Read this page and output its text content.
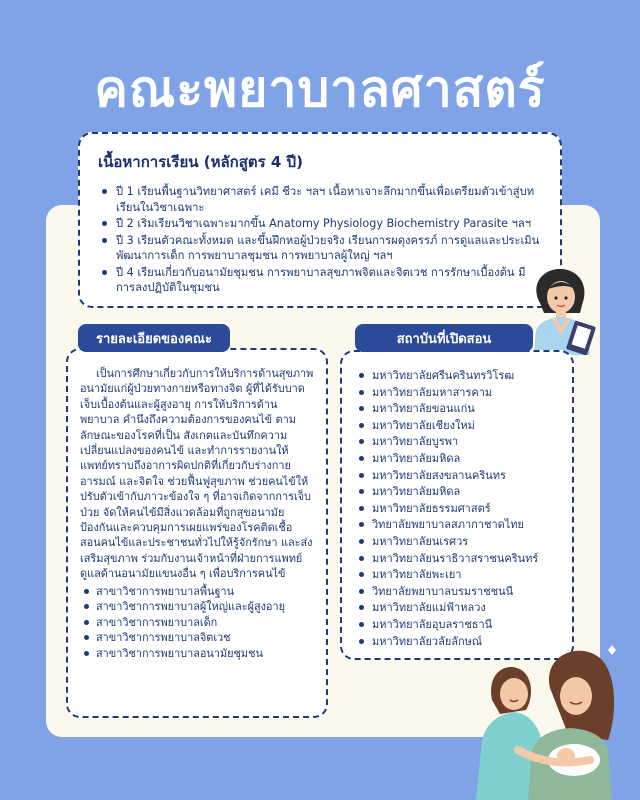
คณะพยาบาลศาสตร์
เนื้อหาการเรียน (หลักสูตร 4 ปี)
ปี 1 เรียนพื้นฐานวิทยาศาสตร์ เคมี ชีวะ ฯลฯ เนื้อหาเจาะลึกมากขึ้นเพื่อเตรียมตัวเข้าสู่บทเรียนในวิชาเฉพาะ
ปี 2 เริ่มเรียนวิชาเฉพาะมากขึ้น Anatomy Physiology Biochemistry Parasite ฯลฯ
ปี 3 เรียนตัวคณะทั้งหมด และขึ้นฝึกหอผู้ป่วยจริง เรียนการผดุงครรภ์ การดูแลและประเมินพัฒนาการเด็ก การพยาบาลชุมชน การพยาบาลผู้ใหญ่ ฯลฯ
ปี 4 เรียนเกี่ยวกับอนามัยชุมชน การพยาบาลสุขภาพจิตและจิตเวช การรักษาเบื้องต้น มีการลงปฏิบัติในชุมชน

เป็นการศึกษาเกี่ยวกับการให้บริการด้านสุขภาพอนามัยแก่ผู้ป่วยทางกายหรือทางจิต ผู้ที่ได้รับบาดเจ็บเบื้องต้นและผู้สูงอายุ การให้บริการด้านพยาบาล คำนึงถึงความต้องการของคนไข้ ตามลักษณะของโรคที่เป็น สังเกตและบันทึกความเปลี่ยนแปลงของคนไข้ และทำการรายงานให้แพทย์ทราบถึงอาการผิดปกติที่เกี่ยวกับร่างกาย อารมณ์ และจิตใจ ช่วยฟื้นฟูสุขภาพ ช่วยคนไข้ให้ปรับตัวเข้ากับภาวะข้องใจ ๆ ที่อาจเกิดจากการเจ็บป่วย จัดให้คนไข้มีสิ่งแวดล้อมที่ถูกสุขอนามัย ป้องกันและควบคุมการเผยแพร่ของโรคติดเชื้อ สอนคนไข้และประชาชนทั่วไปให้รู้จักรักษา และส่งเสริมสุขภาพ ร่วมกับงานเจ้าหน้าที่ฝ่ายการแพทย์ ดูแลด้านอนามัยแขนงอื่น ๆ เพื่อบริการคนไข้

สาขาวิชาการพยาบาลพื้นฐาน
สาขาวิชาการพยาบาลผู้ใหญ่และผู้สูงอายุ
สาขาวิชาการพยาบาลเด็ก
สาขาวิชาการพยาบาลจิตเวช
สาขาวิชาการพยาบาลอนามัยชุมชน
รายละเอียดของคณะ
มหาวิทยาลัยศรีนครินทรวิโรฒ
มหาวิทยาลัยมหาสารคาม
มหาวิทยาลัยขอนแก่น
มหาวิทยาลัยเชียงใหม่
มหาวิทยาลัยบูรพา
มหาวิทยาลัยมหิดล
มหาวิทยาลัยสงขลานครินทร
มหาวิทยาลัยมหิดล
มหาวิทยาลัยธรรมศาสตร์
วิทยาลัยพยาบาลสภากาชาดไทย
มหาวิทยาลัยนเรศวร
มหาวิทยาลัยนราธิวาสราชนครินทร์
มหาวิทยาลัยพะเยา
วิทยาลัยพยาบาลบรมราชชนนี
มหาวิทยาลัยแม่ฟ้าหลวง
มหาวิทยาลัยอุบลราชธานี
มหาวิทยาลัยวลัยลักษณ์
สถาบันที่เปิดสอน
